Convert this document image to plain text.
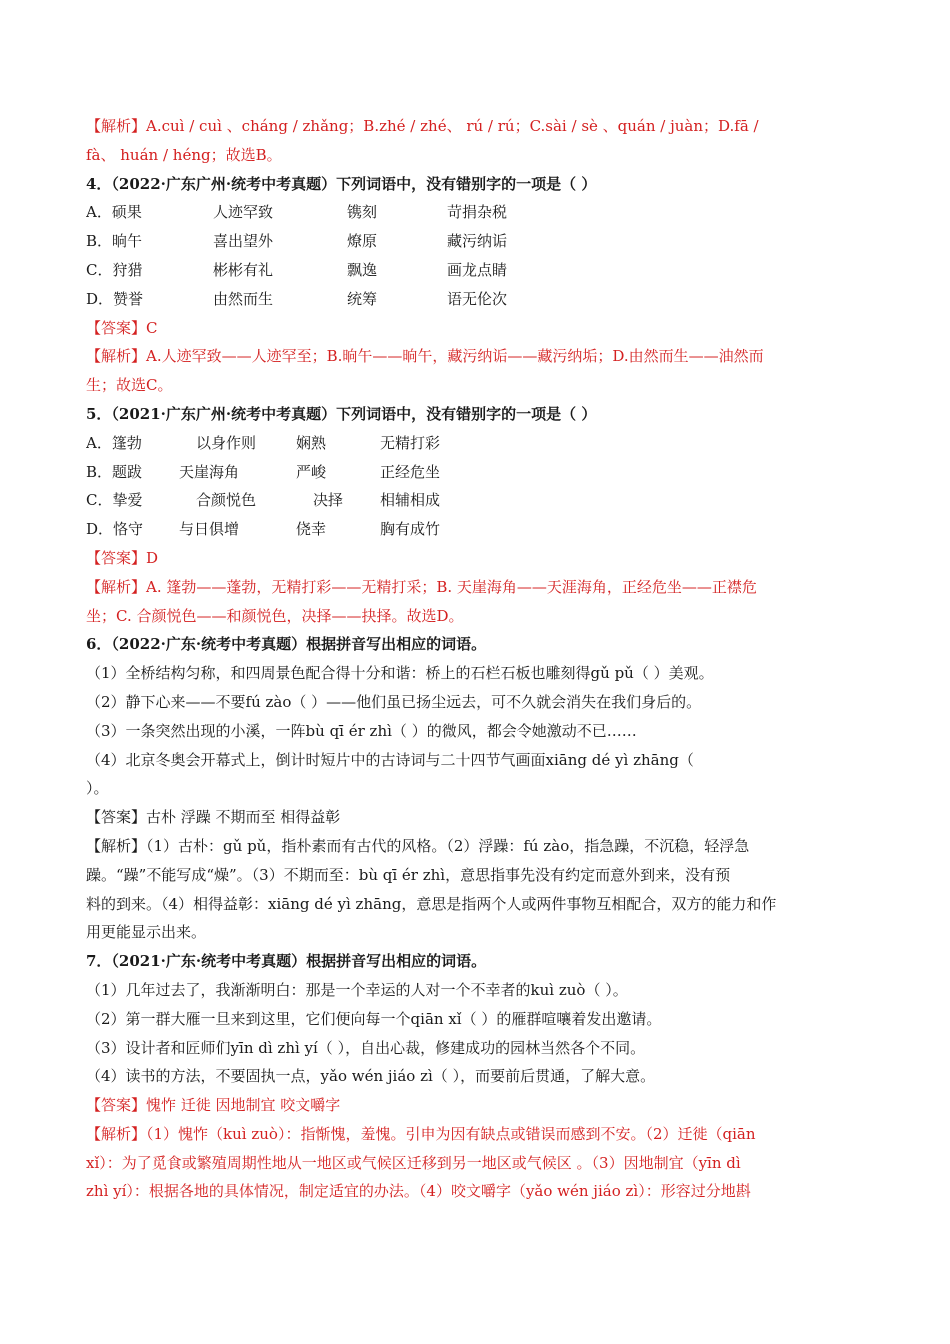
【解析】A.cuì / cuì 、cháng / zhǎng；B.zhé / zhé、 rú / rú；C.sài / sè 、quán / juàn；D.fā /
fà、 huán / héng；故选B。
4．（2022·广东广州·统考中考真题）下列词语中，没有错别字的一项是（ ）
A．硕果	人迹罕致	镌刻	苛捐杂税
B．晌午	喜出望外	燎原	藏污纳诟
C．狩猎	彬彬有礼	飘逸	画龙点睛
D．赞誉	由然而生	统筹	语无伦次
【答案】C
【解析】A.人迹罕致——人迹罕至；B.晌午——晌午，藏污纳诟——藏污纳垢；D.由然而生——油然而
生；故选C。
5．（2021·广东广州·统考中考真题）下列词语中，没有错别字的一项是（ ）
A．篷勃	以身作则	娴熟	无精打彩
B．题跋	天崖海角	严峻	正经危坐
C．挚爱	合颜悦色	决择	相辅相成
D．恪守	与日俱增	侥幸	胸有成竹
【答案】D
【解析】A. 篷勃——蓬勃，无精打彩——无精打采；B. 天崖海角——天涯海角，正经危坐——正襟危
坐；C. 合颜悦色——和颜悦色，决择——抉择。故选D。
6．（2022·广东·统考中考真题）根据拼音写出相应的词语。
（1）全桥结构匀称，和四周景色配合得十分和谐：桥上的石栏石板也雕刻得gǔ pǔ（ ）美观。
（2）静下心来——不要fú zào（ ）——他们虽已扬尘远去，可不久就会消失在我们身后的。
（3）一条突然出现的小溪，一阵bù qī ér zhì（ ）的微风，都会令她激动不已……
（4）北京冬奥会开幕式上，倒计时短片中的古诗词与二十四节气画面xiāng dé yì zhāng（
）。
【答案】古朴 浮躁 不期而至 相得益彰
【解析】（1）古朴：gǔ pǔ，指朴素而有古代的风格。（2）浮躁：fú zào，指急躁，不沉稳，轻浮急
躁。“躁”不能写成“燥”。（3）不期而至：bù qī ér zhì，意思指事先没有约定而意外到来，没有预
料的到来。（4）相得益彰：xiāng dé yì zhāng，意思是指两个人或两件事物互相配合，双方的能力和作
用更能显示出来。
7．（2021·广东·统考中考真题）根据拼音写出相应的词语。
（1）几年过去了，我渐渐明白：那是一个幸运的人对一个不幸者的kuì zuò（ ）。
（2）第一群大雁一旦来到这里，它们便向每一个qiān xǐ（ ）的雁群喧嚷着发出邀请。
（3）设计者和匠师们yīn dì zhì yí（ ），自出心裁，修建成功的园林当然各个不同。
（4）读书的方法，不要固执一点，yǎo wén jiáo zì（ ），而要前后贯通，了解大意。
【答案】愧怍 迁徙 因地制宜 咬文嚼字
【解析】（1）愧怍（kuì zuò）：指惭愧，羞愧。引申为因有缺点或错误而感到不安。（2）迁徙（qiān
xǐ）：为了觅食或繁殖周期性地从一地区或气候区迁移到另一地区或气候区 。（3）因地制宜（yīn dì
zhì yí）：根据各地的具体情况，制定适宜的办法。（4）咬文嚼字（yǎo wén jiáo zì）：形容过分地斟
